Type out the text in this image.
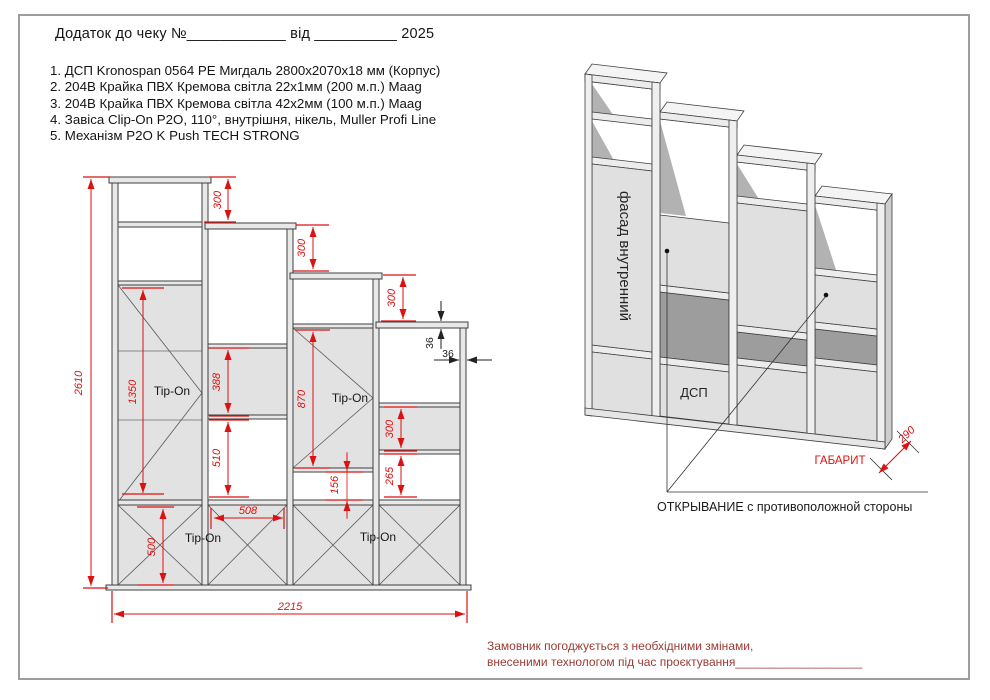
Додаток до чеку №____________ від __________ 2025
1. ДСП Kronospan 0564 PE Мигдаль 2800х2070х18 мм (Корпус)
2. 204В Крайка ПВХ Кремова світла 22х1мм (200 м.п.) Maag
3. 204В Крайка ПВХ Кремова світла 42х2мм (100 м.п.) Maag
4. Завіса Clip-On P2O, 110°, внутрішня, нікель, Muller Profi Line
5. Механізм P2O K Push TECH STRONG
2610
300
300
300
1350	388
510
870
156
300
265
500
508
2215
36
36
Tip-On	Tip-On
Tip-On	Tip-On
фасад внутренний
ДСП
ГАБАРИТ
290
ОТКРЫВАНИЕ с противоположной стороны
Замовник погоджується з необхідними змінами,
внесеними технологом під час проєктування___________________
